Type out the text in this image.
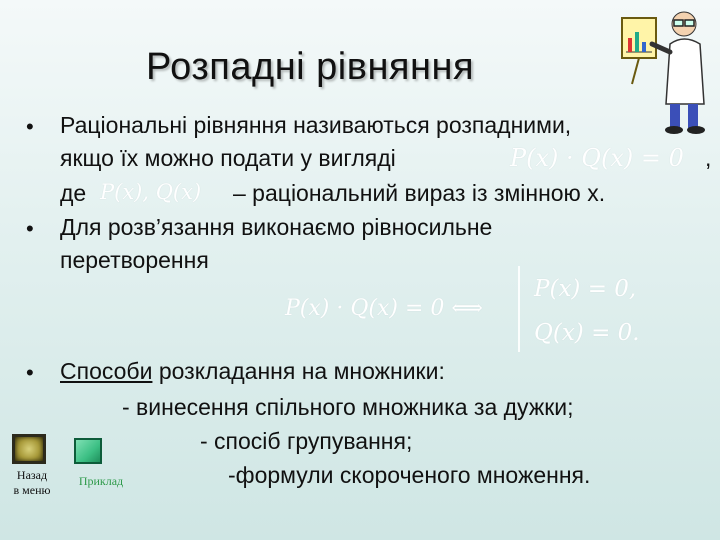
Розпадні рівняння
• Раціональні рівняння називаються розпадними,
якщо їх можно подати у вигляді	P(x) · Q(x) = 0 ,
де P(x), Q(x) – раціональний вираз із змінною x.
• Для розв’язання виконаємо рівносильне
перетворення
P(x) · Q(x) = 0 ⟺
P(x) = 0,
Q(x) = 0.
• Способи розкладання на множники:
- винесення спільного множника за дужки;
- спосіб групування;
-формули скороченого множення.
Назад
в меню
Приклад
